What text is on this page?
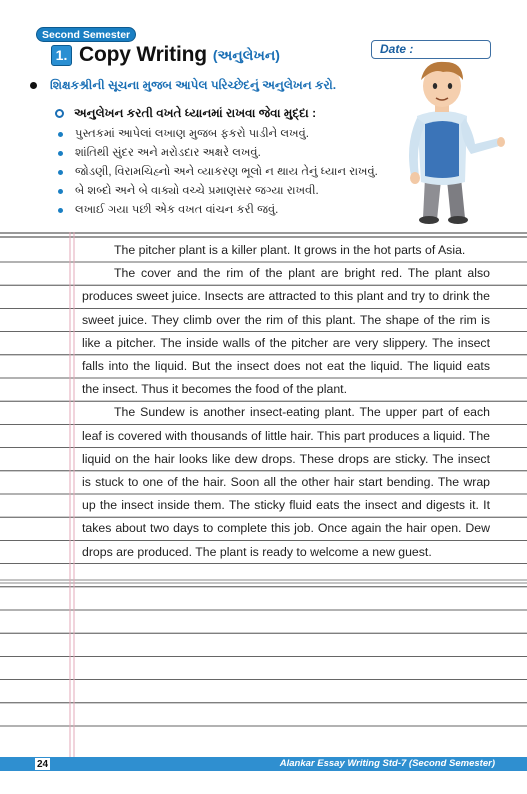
Second Semester
1. Copy Writing (અનુલેખન)	Date :
શિક્ષકશ્રીની સૂચના મુજબ આપેલ પરિચ્છેદનું અનુલેખન કરો.
અનુલેખન કરતી વખતે ધ્યાનમાં રાખવા જેવા મુદ્દા :
પુસ્તકમાં આપેલાં લખાણ મુજબ ફકરો પાડીને લખવું.
શાંતિથી સુંદર અને મરોડદાર અક્ષરે લખવું.
જોડણી, વિરામચિહ્નો અને વ્યાકરણ ભૂલો ન થાય તેનું ધ્યાન રાખવું.
બે શબ્દો અને બે વાક્યો વચ્ચે પ્રમાણસર જગ્યા રાખવી.
લખાઈ ગયા પછી એક વખત વાંચન કરી જવું.

The pitcher plant is a killer plant. It grows in the hot parts of Asia.

The cover and the rim of the plant are bright red. The plant also produces sweet juice. Insects are attracted to this plant and try to drink the sweet juice. They climb over the rim of this plant. The shape of the rim is like a pitcher. The inside walls of the pitcher are very slippery. The insect falls into the liquid. But the insect does not eat the liquid. The liquid eats the insect. Thus it becomes the food of the plant.

The Sundew is another insect-eating plant. The upper part of each leaf is covered with thousands of little hair. This part produces a liquid. The liquid on the hair looks like dew drops. These drops are sticky. The insect is stuck to one of the hair. Soon all the other hair start bending. The wrap up the insect inside them. The sticky fluid eats the insect and digests it. It takes about two days to complete this job. Once again the hair open. Dew drops are produced. The plant is ready to welcome a new guest.

24	Alankar Essay Writing Std-7 (Second Semester)
